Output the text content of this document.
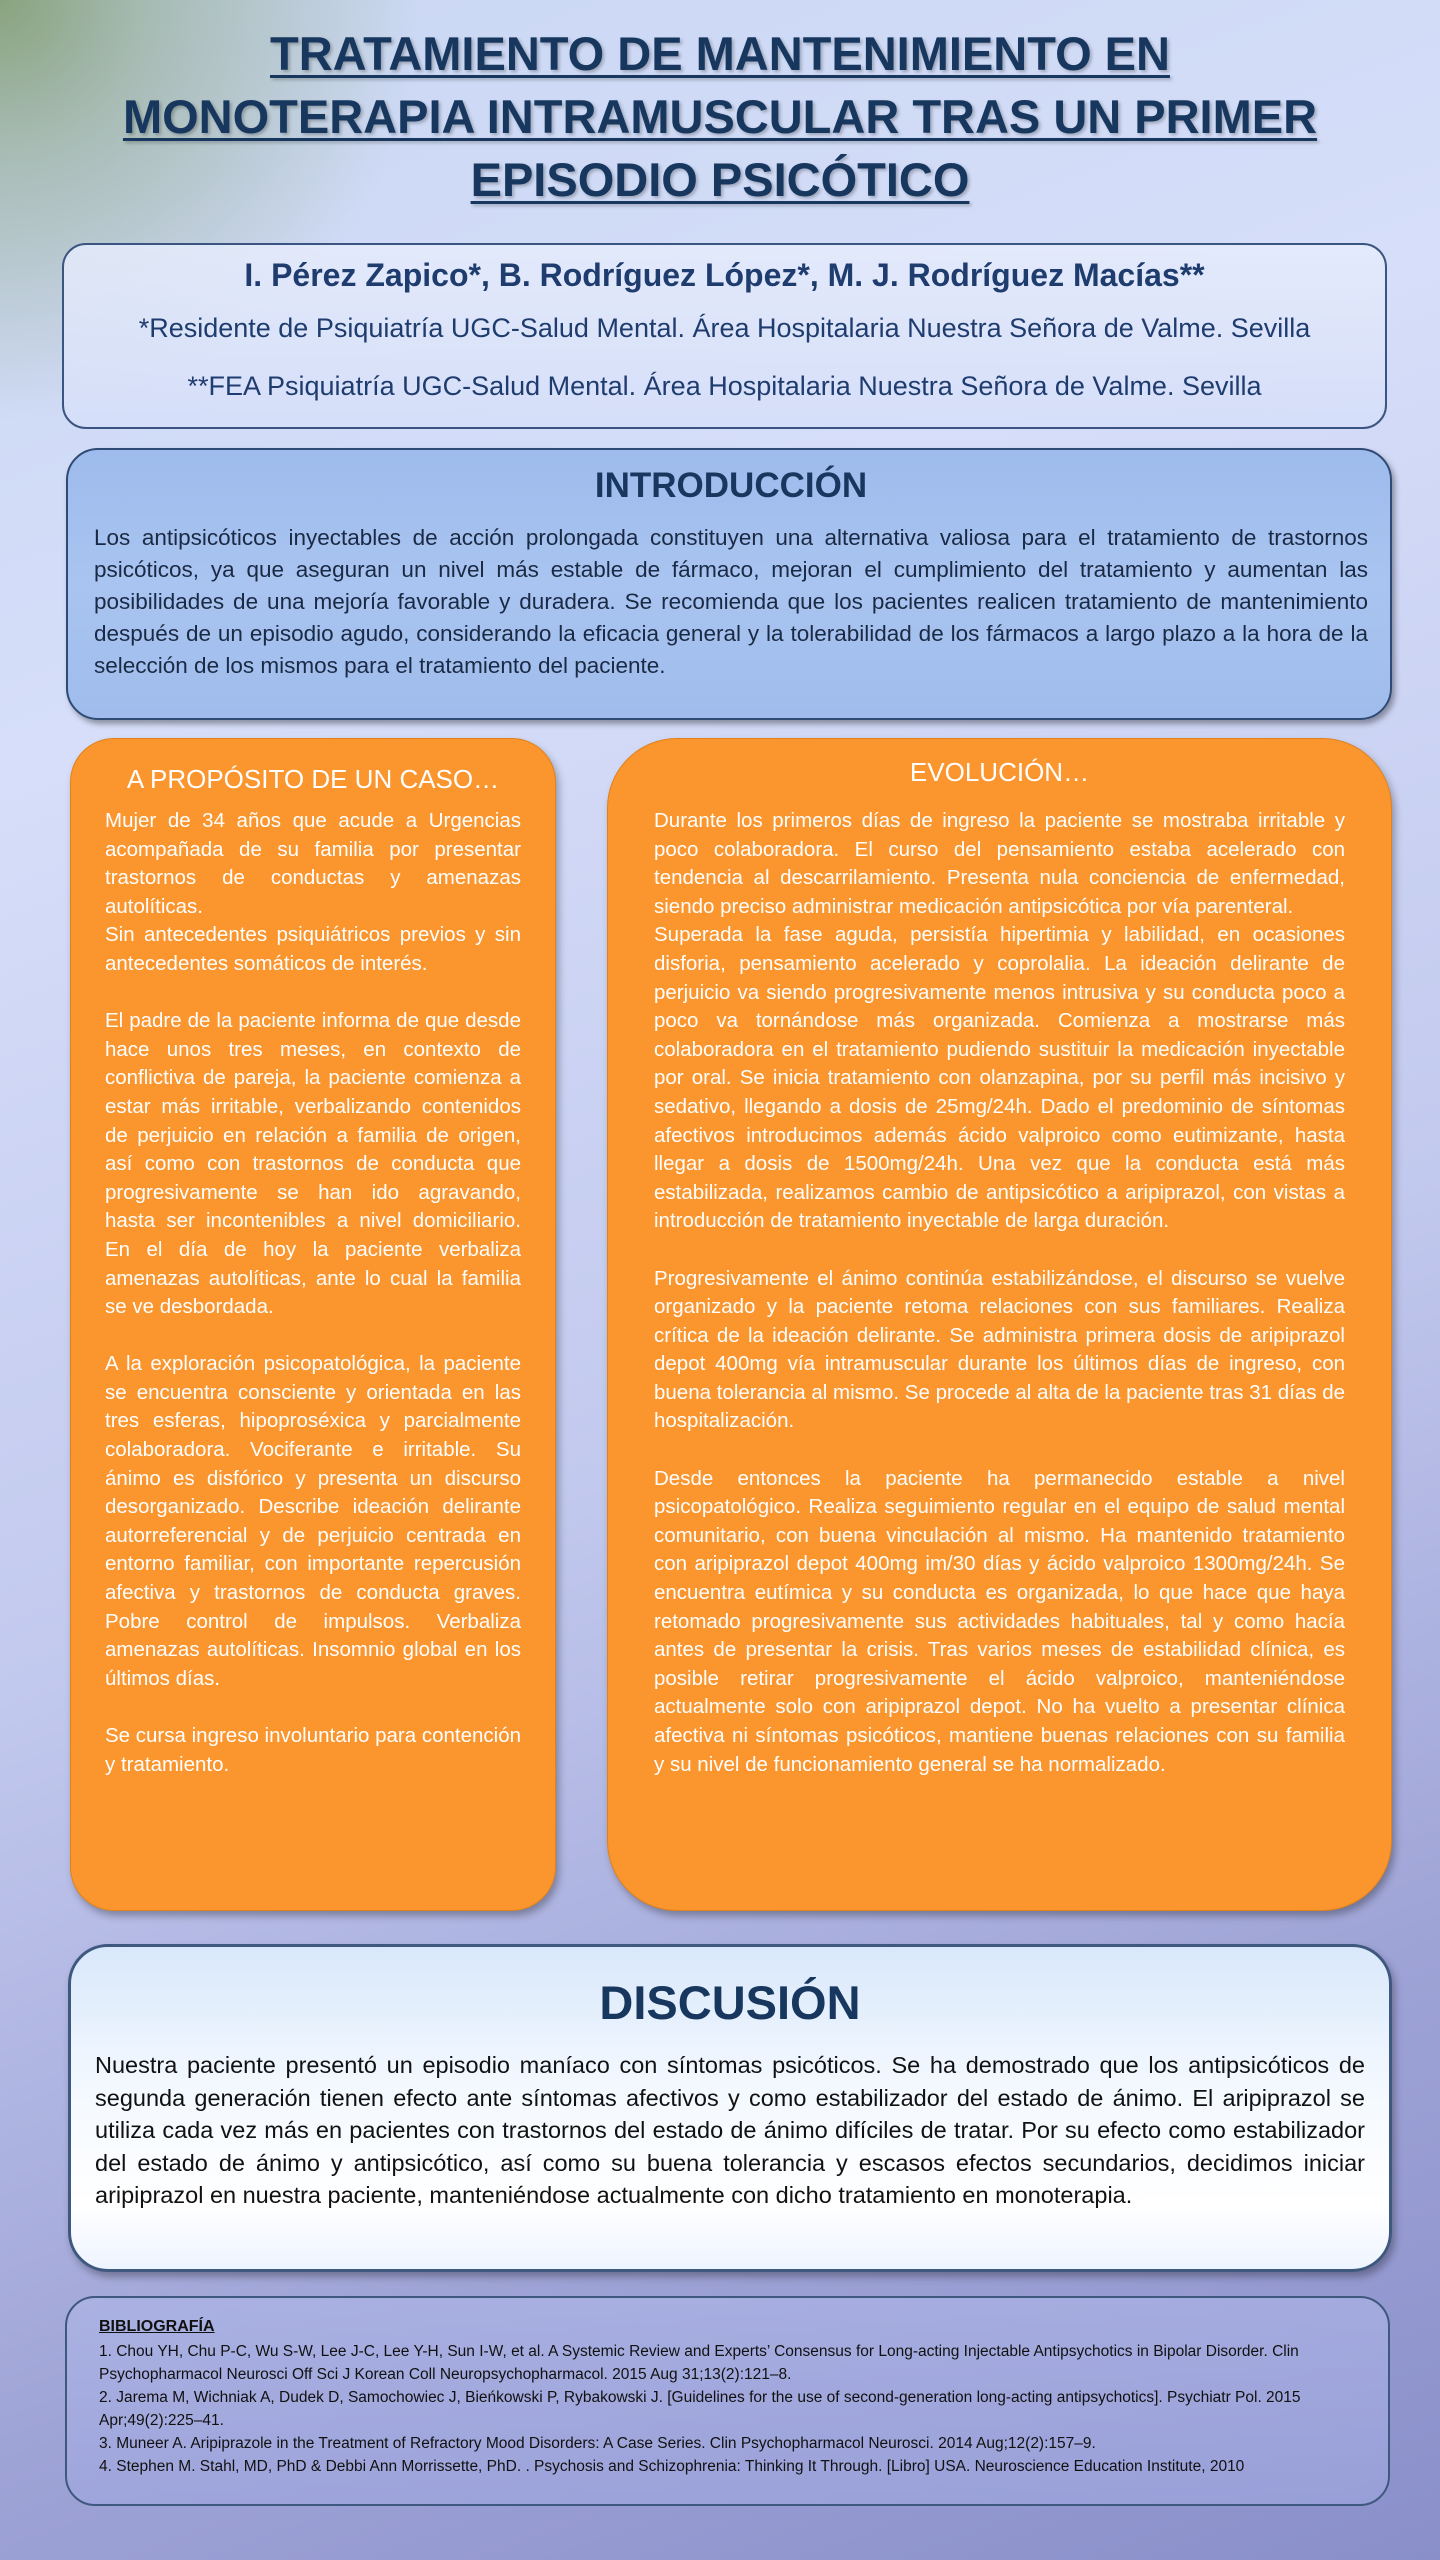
TRATAMIENTO DE MANTENIMIENTO EN
MONOTERAPIA INTRAMUSCULAR TRAS UN PRIMER
EPISODIO PSICÓTICO
I. Pérez Zapico*, B. Rodríguez López*, M. J. Rodríguez Macías**
*Residente de Psiquiatría UGC-Salud Mental. Área Hospitalaria Nuestra Señora de Valme. Sevilla
**FEA Psiquiatría UGC-Salud Mental. Área Hospitalaria Nuestra Señora de Valme. Sevilla
INTRODUCCIÓN

Los antipsicóticos inyectables de acción prolongada constituyen una alternativa valiosa para el tratamiento de trastornos psicóticos, ya que aseguran un nivel más estable de fármaco, mejoran el cumplimiento del tratamiento y aumentan las posibilidades de una mejoría favorable y duradera. Se recomienda que los pacientes realicen tratamiento de mantenimiento después de un episodio agudo, considerando la eficacia general y la tolerabilidad de los fármacos a largo plazo a la hora de la selección de los mismos para el tratamiento del paciente.

A PROPÓSITO DE UN CASO…

Mujer de 34 años que acude a Urgencias acompañada de su familia por presentar trastornos de conductas y amenazas autolíticas.

Sin antecedentes psiquiátricos previos y sin antecedentes somáticos de interés.

El padre de la paciente informa de que desde hace unos tres meses, en contexto de conflictiva de pareja, la paciente comienza a estar más irritable, verbalizando contenidos de perjuicio en relación a familia de origen, así como con trastornos de conducta que progresivamente se han ido agravando, hasta ser incontenibles a nivel domiciliario. En el día de hoy la paciente verbaliza amenazas autolíticas, ante lo cual la familia se ve desbordada.

A la exploración psicopatológica, la paciente se encuentra consciente y orientada en las tres esferas, hipoproséxica y parcialmente colaboradora. Vociferante e irritable. Su ánimo es disfórico y presenta un discurso desorganizado. Describe ideación delirante autorreferencial y de perjuicio centrada en entorno familiar, con importante repercusión afectiva y trastornos de conducta graves. Pobre control de impulsos. Verbaliza amenazas autolíticas. Insomnio global en los últimos días.

Se cursa ingreso involuntario para contención y tratamiento.

EVOLUCIÓN…

Durante los primeros días de ingreso la paciente se mostraba irritable y poco colaboradora. El curso del pensamiento estaba acelerado con tendencia al descarrilamiento. Presenta nula conciencia de enfermedad, siendo preciso administrar medicación antipsicótica por vía parenteral.

Superada la fase aguda, persistía hipertimia y labilidad, en ocasiones disforia, pensamiento acelerado y coprolalia. La ideación delirante de perjuicio va siendo progresivamente menos intrusiva y su conducta poco a poco va tornándose más organizada. Comienza a mostrarse más colaboradora en el tratamiento pudiendo sustituir la medicación inyectable por oral. Se inicia tratamiento con olanzapina, por su perfil más incisivo y sedativo, llegando a dosis de 25mg/24h. Dado el predominio de síntomas afectivos introducimos además ácido valproico como eutimizante, hasta llegar a dosis de 1500mg/24h. Una vez que la conducta está más estabilizada, realizamos cambio de antipsicótico a aripiprazol, con vistas a introducción de tratamiento inyectable de larga duración.

Progresivamente el ánimo continúa estabilizándose, el discurso se vuelve organizado y la paciente retoma relaciones con sus familiares. Realiza crítica de la ideación delirante. Se administra primera dosis de aripiprazol depot 400mg vía intramuscular durante los últimos días de ingreso, con buena tolerancia al mismo. Se procede al alta de la paciente tras 31 días de hospitalización.

Desde entonces la paciente ha permanecido estable a nivel psicopatológico. Realiza seguimiento regular en el equipo de salud mental comunitario, con buena vinculación al mismo. Ha mantenido tratamiento con aripiprazol depot 400mg im/30 días y ácido valproico 1300mg/24h. Se encuentra eutímica y su conducta es organizada, lo que hace que haya retomado progresivamente sus actividades habituales, tal y como hacía antes de presentar la crisis. Tras varios meses de estabilidad clínica, es posible retirar progresivamente el ácido valproico, manteniéndose actualmente solo con aripiprazol depot. No ha vuelto a presentar clínica afectiva ni síntomas psicóticos, mantiene buenas relaciones con su familia y su nivel de funcionamiento general se ha normalizado.

DISCUSIÓN

Nuestra paciente presentó un episodio maníaco con síntomas psicóticos. Se ha demostrado que los antipsicóticos de segunda generación tienen efecto ante síntomas afectivos y como estabilizador del estado de ánimo. El aripiprazol se utiliza cada vez más en pacientes con trastornos del estado de ánimo difíciles de tratar. Por su efecto como estabilizador del estado de ánimo y antipsicótico, así como su buena tolerancia y escasos efectos secundarios, decidimos iniciar aripiprazol en nuestra paciente, manteniéndose actualmente con dicho tratamiento en monoterapia.

BIBLIOGRAFÍA
1. Chou YH, Chu P-C, Wu S-W, Lee J-C, Lee Y-H, Sun I-W, et al. A Systemic Review and Experts’ Consensus for Long-acting Injectable Antipsychotics in Bipolar Disorder. Clin Psychopharmacol Neurosci Off Sci J Korean Coll Neuropsychopharmacol. 2015 Aug 31;13(2):121–8.
2. Jarema M, Wichniak A, Dudek D, Samochowiec J, Bieńkowski P, Rybakowski J. [Guidelines for the use of second-generation long-acting antipsychotics]. Psychiatr Pol. 2015 Apr;49(2):225–41.
3. Muneer A. Aripiprazole in the Treatment of Refractory Mood Disorders: A Case Series. Clin Psychopharmacol Neurosci. 2014 Aug;12(2):157–9.
4. Stephen M. Stahl, MD, PhD & Debbi Ann Morrissette, PhD. . Psychosis and Schizophrenia: Thinking It Through. [Libro] USA. Neuroscience Education Institute, 2010
